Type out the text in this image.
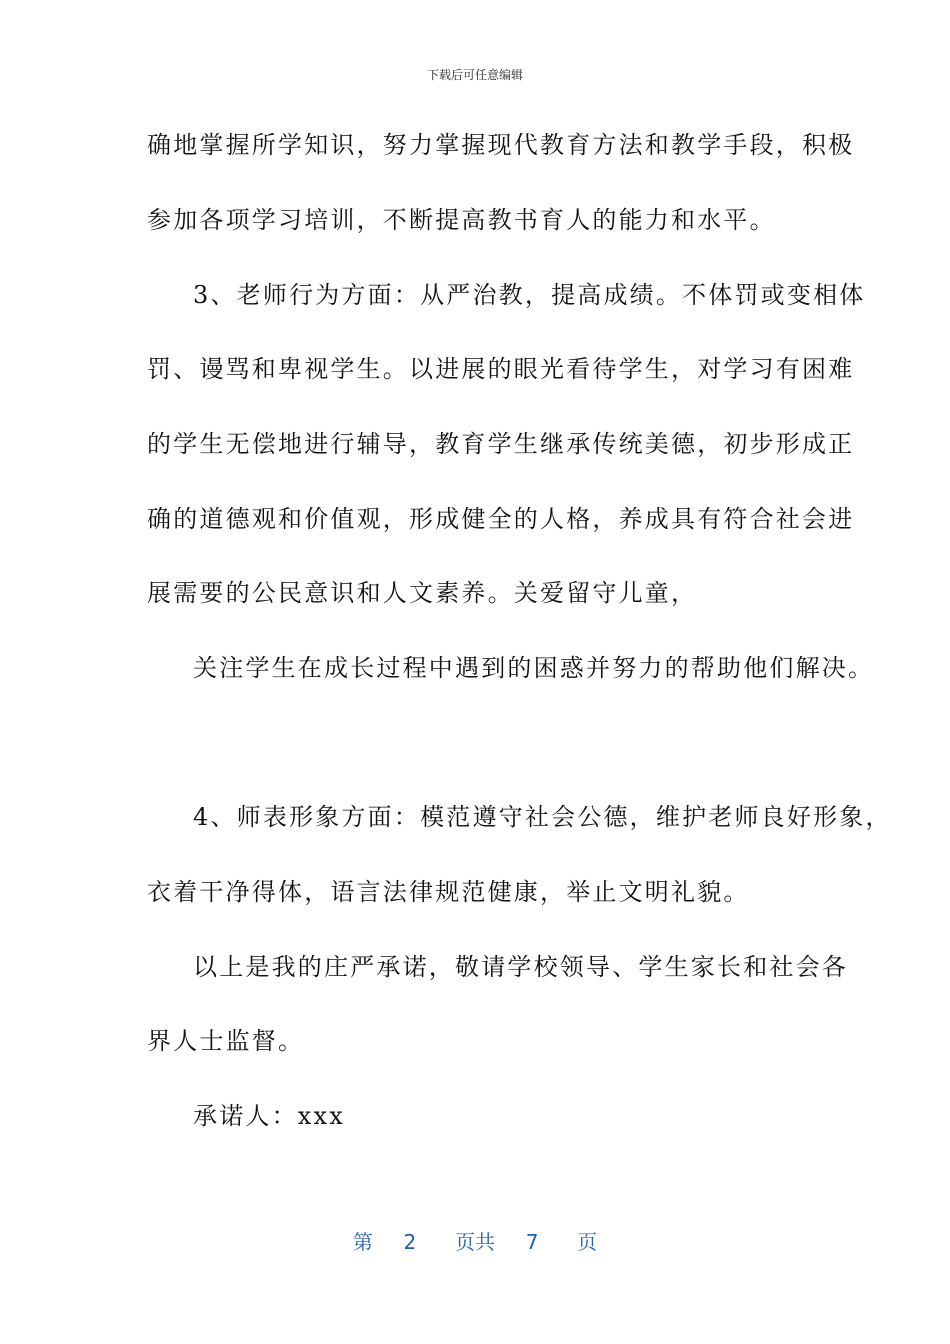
下载后可任意编辑
确地掌握所学知识，努力掌握现代教育方法和教学手段，积极
参加各项学习培训，不断提高教书育人的能力和水平。
3、老师行为方面：从严治教，提高成绩。不体罚或变相体
罚、谩骂和卑视学生。以进展的眼光看待学生，对学习有困难
的学生无偿地进行辅导，教育学生继承传统美德，初步形成正
确的道德观和价值观，形成健全的人格，养成具有符合社会进
展需要的公民意识和人文素养。关爱留守儿童，
关注学生在成长过程中遇到的困惑并努力的帮助他们解决。
4、师表形象方面：模范遵守社会公德，维护老师良好形象，
衣着干净得体，语言法律规范健康，举止文明礼貌。
以上是我的庄严承诺，敬请学校领导、学生家长和社会各
界人士监督。
承诺人：xxx
第 2 页共 7 页
